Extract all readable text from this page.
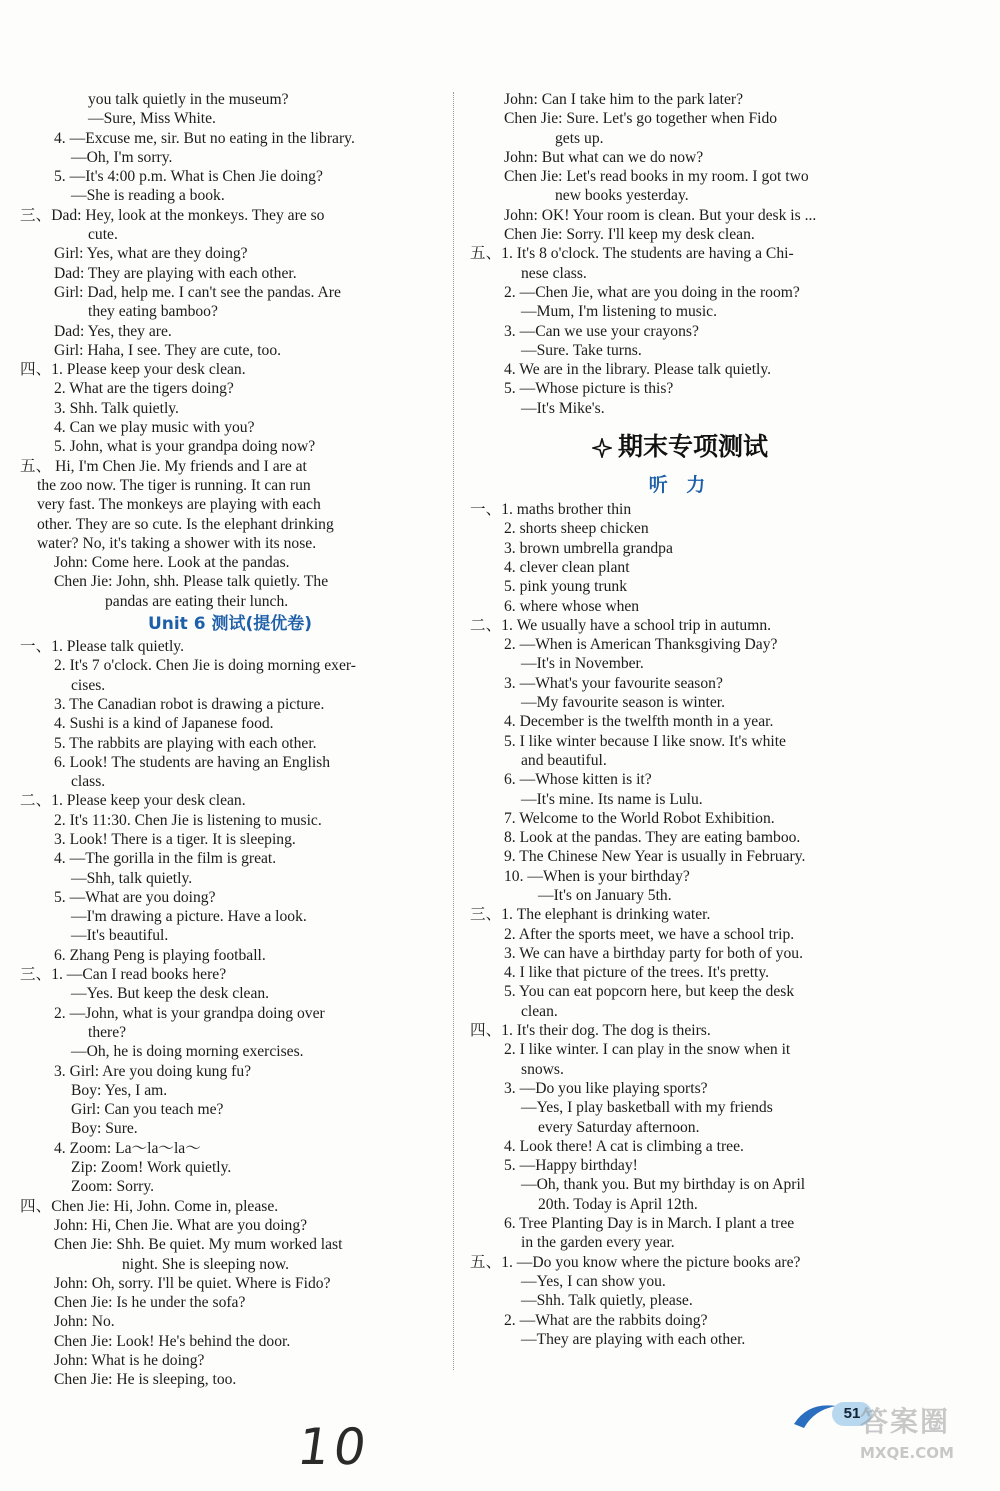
you talk quietly in the museum?
—Sure, Miss White.
4. —Excuse me, sir. But no eating in the library.
—Oh, I'm sorry.
5. —It's 4:00 p.m. What is Chen Jie doing?
—She is reading a book.
三、Dad: Hey, look at the monkeys. They are so
cute.
Girl: Yes, what are they doing?
Dad: They are playing with each other.
Girl: Dad, help me. I can't see the pandas. Are
they eating bamboo?
Dad: Yes, they are.
Girl: Haha, I see. They are cute, too.
四、1. Please keep your desk clean.
2. What are the tigers doing?
3. Shh. Talk quietly.
4. Can we play music with you?
5. John, what is your grandpa doing now?
五、 Hi, I'm Chen Jie. My friends and I are at
the zoo now. The tiger is running. It can run
very fast. The monkeys are playing with each
other. They are so cute. Is the elephant drinking
water? No, it's taking a shower with its nose.
John: Come here. Look at the pandas.
Chen Jie: John, shh. Please talk quietly. The
pandas are eating their lunch.
Unit 6 测试(提优卷)
一、1. Please talk quietly.
2. It's 7 o'clock. Chen Jie is doing morning exer-
cises.
3. The Canadian robot is drawing a picture.
4. Sushi is a kind of Japanese food.
5. The rabbits are playing with each other.
6. Look! The students are having an English
class.
二、1. Please keep your desk clean.
2. It's 11:30. Chen Jie is listening to music.
3. Look! There is a tiger. It is sleeping.
4. —The gorilla in the film is great.
—Shh, talk quietly.
5. —What are you doing?
—I'm drawing a picture. Have a look.
—It's beautiful.
6. Zhang Peng is playing football.
三、1. —Can I read books here?
—Yes. But keep the desk clean.
2. —John, what is your grandpa doing over
there?
—Oh, he is doing morning exercises.
3. Girl: Are you doing kung fu?
Boy: Yes, I am.
Girl: Can you teach me?
Boy: Sure.
4. Zoom: La～la～la～
Zip: Zoom! Work quietly.
Zoom: Sorry.
四、Chen Jie: Hi, John. Come in, please.
John: Hi, Chen Jie. What are you doing?
Chen Jie: Shh. Be quiet. My mum worked last
night. She is sleeping now.
John: Oh, sorry. I'll be quiet. Where is Fido?
Chen Jie: Is he under the sofa?
John: No.
Chen Jie: Look! He's behind the door.
John: What is he doing?
Chen Jie: He is sleeping, too.
John: Can I take him to the park later?
Chen Jie: Sure. Let's go together when Fido
gets up.
John: But what can we do now?
Chen Jie: Let's read books in my room. I got two
new books yesterday.
John: OK! Your room is clean. But your desk is ...
Chen Jie: Sorry. I'll keep my desk clean.
五、1. It's 8 o'clock. The students are having a Chi-
nese class.
2. —Chen Jie, what are you doing in the room?
—Mum, I'm listening to music.
3. —Can we use your crayons?
—Sure. Take turns.
4. We are in the library. Please talk quietly.
5. —Whose picture is this?
—It's Mike's.
期末专项测试
听 力
一、1. maths brother thin
2. shorts sheep chicken
3. brown umbrella grandpa
4. clever clean plant
5. pink young trunk
6. where whose when
二、1. We usually have a school trip in autumn.
2. —When is American Thanksgiving Day?
—It's in November.
3. —What's your favourite season?
—My favourite season is winter.
4. December is the twelfth month in a year.
5. I like winter because I like snow. It's white
and beautiful.
6. —Whose kitten is it?
—It's mine. Its name is Lulu.
7. Welcome to the World Robot Exhibition.
8. Look at the pandas. They are eating bamboo.
9. The Chinese New Year is usually in February.
10. —When is your birthday?
—It's on January 5th.
三、1. The elephant is drinking water.
2. After the sports meet, we have a school trip.
3. We can have a birthday party for both of you.
4. I like that picture of the trees. It's pretty.
5. You can eat popcorn here, but keep the desk
clean.
四、1. It's their dog. The dog is theirs.
2. I like winter. I can play in the snow when it
snows.
3. —Do you like playing sports?
—Yes, I play basketball with my friends
every Saturday afternoon.
4. Look there! A cat is climbing a tree.
5. —Happy birthday!
—Oh, thank you. But my birthday is on April
20th. Today is April 12th.
6. Tree Planting Day is in March. I plant a tree
in the garden every year.
五、1. —Do you know where the picture books are?
—Yes, I can show you.
—Shh. Talk quietly, please.
2. —What are the rabbits doing?
—They are playing with each other.
51
10	答案圈
MXQE.COM
